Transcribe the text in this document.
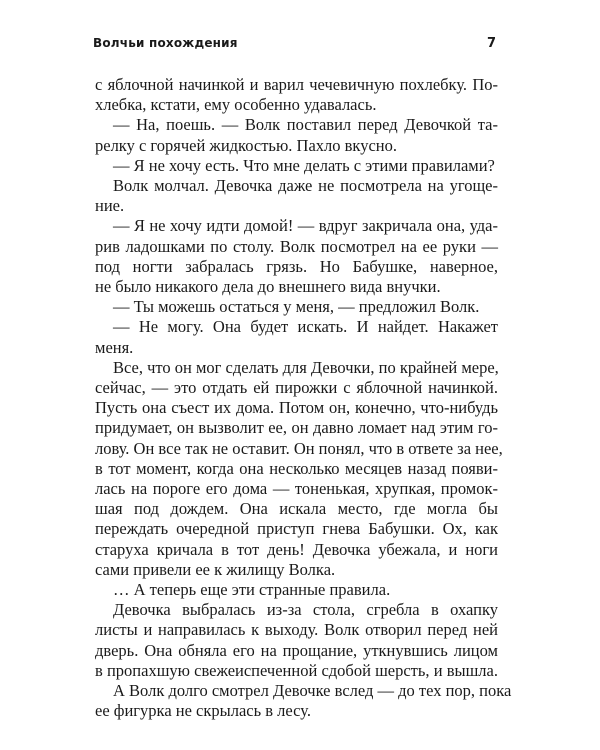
Волчьи похождения	7
с яблочной начинкой и варил чечевичную похлебку. По-
хлебка, кстати, ему особенно удавалась.
— На, поешь. — Волк поставил перед Девочкой та-
релку с горячей жидкостью. Пахло вкусно.
— Я не хочу есть. Что мне делать с этими правилами?
Волк молчал. Девочка даже не посмотрела на угоще-
ние.
— Я не хочу идти домой! — вдруг закричала она, уда-
рив ладошками по столу. Волк посмотрел на ее руки —
под ногти забралась грязь. Но Бабушке, наверное,
не было никакого дела до внешнего вида внучки.
— Ты можешь остаться у меня, — предложил Волк.
— Не могу. Она будет искать. И найдет. Накажет
меня.
Все, что он мог сделать для Девочки, по крайней мере,
сейчас, — это отдать ей пирожки с яблочной начинкой.
Пусть она съест их дома. Потом он, конечно, что-нибудь
придумает, он вызволит ее, он давно ломает над этим го-
лову. Он все так не оставит. Он понял, что в ответе за нее,
в тот момент, когда она несколько месяцев назад появи-
лась на пороге его дома — тоненькая, хрупкая, промок-
шая под дождем. Она искала место, где могла бы
переждать очередной приступ гнева Бабушки. Ох, как
старуха кричала в тот день! Девочка убежала, и ноги
сами привели ее к жилищу Волка.
… А теперь еще эти странные правила.
Девочка выбралась из-за стола, сгребла в охапку
листы и направилась к выходу. Волк отворил перед ней
дверь. Она обняла его на прощание, уткнувшись лицом
в пропахшую свежеиспеченной сдобой шерсть, и вышла.
А Волк долго смотрел Девочке вслед — до тех пор, пока
ее фигурка не скрылась в лесу.
